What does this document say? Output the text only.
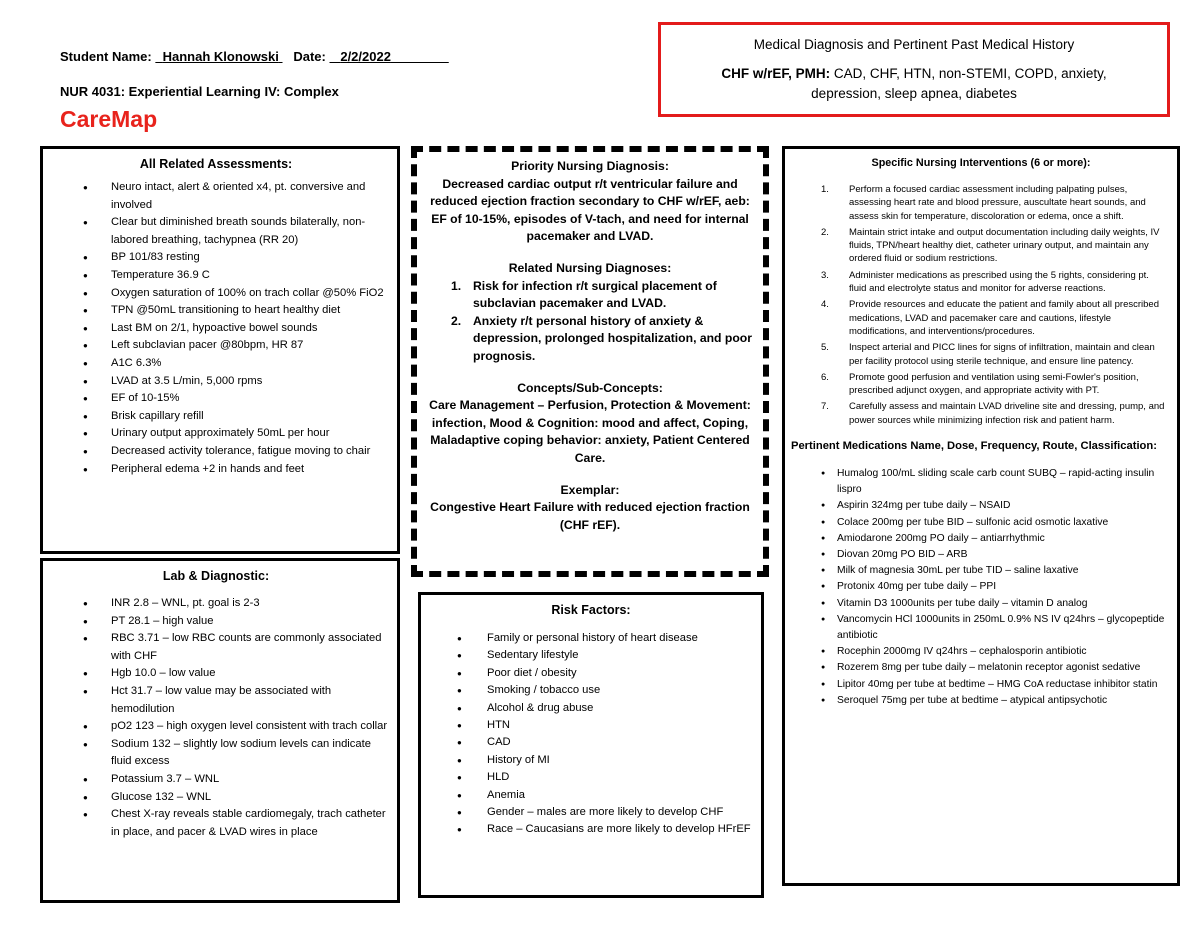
Student Name: Hannah Klonowski Date: 2/2/2022
NUR 4031: Experiential Learning IV: Complex
CareMap
Medical Diagnosis and Pertinent Past Medical History
CHF w/rEF, PMH: CAD, CHF, HTN, non-STEMI, COPD, anxiety,
depression, sleep apnea, diabetes
All Related Assessments:
● Neuro intact, alert & oriented x4, pt. conversive and involved
● Clear but diminished breath sounds bilaterally, non-labored breathing, tachypnea (RR 20)
● BP 101/83 resting
● Temperature 36.9 C
● Oxygen saturation of 100% on trach collar @50% FiO2
● TPN @50mL transitioning to heart healthy diet
● Last BM on 2/1, hypoactive bowel sounds
● Left subclavian pacer @80bpm, HR 87
● A1C 6.3%
● LVAD at 3.5 L/min, 5,000 rpms
● EF of 10-15%
● Brisk capillary refill
● Urinary output approximately 50mL per hour
● Decreased activity tolerance, fatigue moving to chair
● Peripheral edema +2 in hands and feet
Lab & Diagnostic:
● INR 2.8 – WNL, pt. goal is 2-3
● PT 28.1 – high value
● RBC 3.71 – low RBC counts are commonly associated with CHF
● Hgb 10.0 – low value
● Hct 31.7 – low value may be associated with hemodilution
● pO2 123 – high oxygen level consistent with trach collar
● Sodium 132 – slightly low sodium levels can indicate fluid excess
● Potassium 3.7 – WNL
● Glucose 132 – WNL
● Chest X-ray reveals stable cardiomegaly, trach catheter in place, and pacer & LVAD wires in place
Priority Nursing Diagnosis:
Decreased cardiac output r/t ventricular failure and reduced ejection fraction secondary to CHF w/rEF, aeb: EF of 10-15%, episodes of V-tach, and need for internal pacemaker and LVAD.
Related Nursing Diagnoses:
1. Risk for infection r/t surgical placement of subclavian pacemaker and LVAD.
2. Anxiety r/t personal history of anxiety & depression, prolonged hospitalization, and poor prognosis.
Concepts/Sub-Concepts:
Care Management – Perfusion, Protection & Movement: infection, Mood & Cognition: mood and affect, Coping, Maladaptive coping behavior: anxiety, Patient Centered Care.
Exemplar:
Congestive Heart Failure with reduced ejection fraction (CHF rEF).
Risk Factors:
● Family or personal history of heart disease
● Sedentary lifestyle
● Poor diet / obesity
● Smoking / tobacco use
● Alcohol & drug abuse
● HTN
● CAD
● History of MI
● HLD
● Anemia
● Gender – males are more likely to develop CHF
● Race – Caucasians are more likely to develop HFrEF
Specific Nursing Interventions (6 or more):
1. Perform a focused cardiac assessment including palpating pulses, assessing heart rate and blood pressure, auscultate heart sounds, and assess skin for temperature, discoloration or edema, once a shift.
2. Maintain strict intake and output documentation including daily weights, IV fluids, TPN/heart healthy diet, catheter urinary output, and maintain any ordered fluid or sodium restrictions.
3. Administer medications as prescribed using the 5 rights, considering pt. fluid and electrolyte status and monitor for adverse reactions.
4. Provide resources and educate the patient and family about all prescribed medications, LVAD and pacemaker care and cautions, lifestyle modifications, and interventions/procedures.
5. Inspect arterial and PICC lines for signs of infiltration, maintain and clean per facility protocol using sterile technique, and ensure line patency.
6. Promote good perfusion and ventilation using semi-Fowler's position, prescribed adjunct oxygen, and appropriate activity with PT.
7. Carefully assess and maintain LVAD driveline site and dressing, pump, and power sources while minimizing infection risk and patient harm.
Pertinent Medications Name, Dose, Frequency, Route, Classification:
● Humalog 100/mL sliding scale carb count SUBQ – rapid-acting insulin lispro
● Aspirin 324mg per tube daily – NSAID
● Colace 200mg per tube BID – sulfonic acid osmotic laxative
● Amiodarone 200mg PO daily – antiarrhythmic
● Diovan 20mg PO BID – ARB
● Milk of magnesia 30mL per tube TID – saline laxative
● Protonix 40mg per tube daily – PPI
● Vitamin D3 1000units per tube daily – vitamin D analog
● Vancomycin HCl 1000units in 250mL 0.9% NS IV q24hrs – glycopeptide antibiotic
● Rocephin 2000mg IV q24hrs – cephalosporin antibiotic
● Rozerem 8mg per tube daily – melatonin receptor agonist sedative
● Lipitor 40mg per tube at bedtime – HMG CoA reductase inhibitor statin
● Seroquel 75mg per tube at bedtime – atypical antipsychotic
